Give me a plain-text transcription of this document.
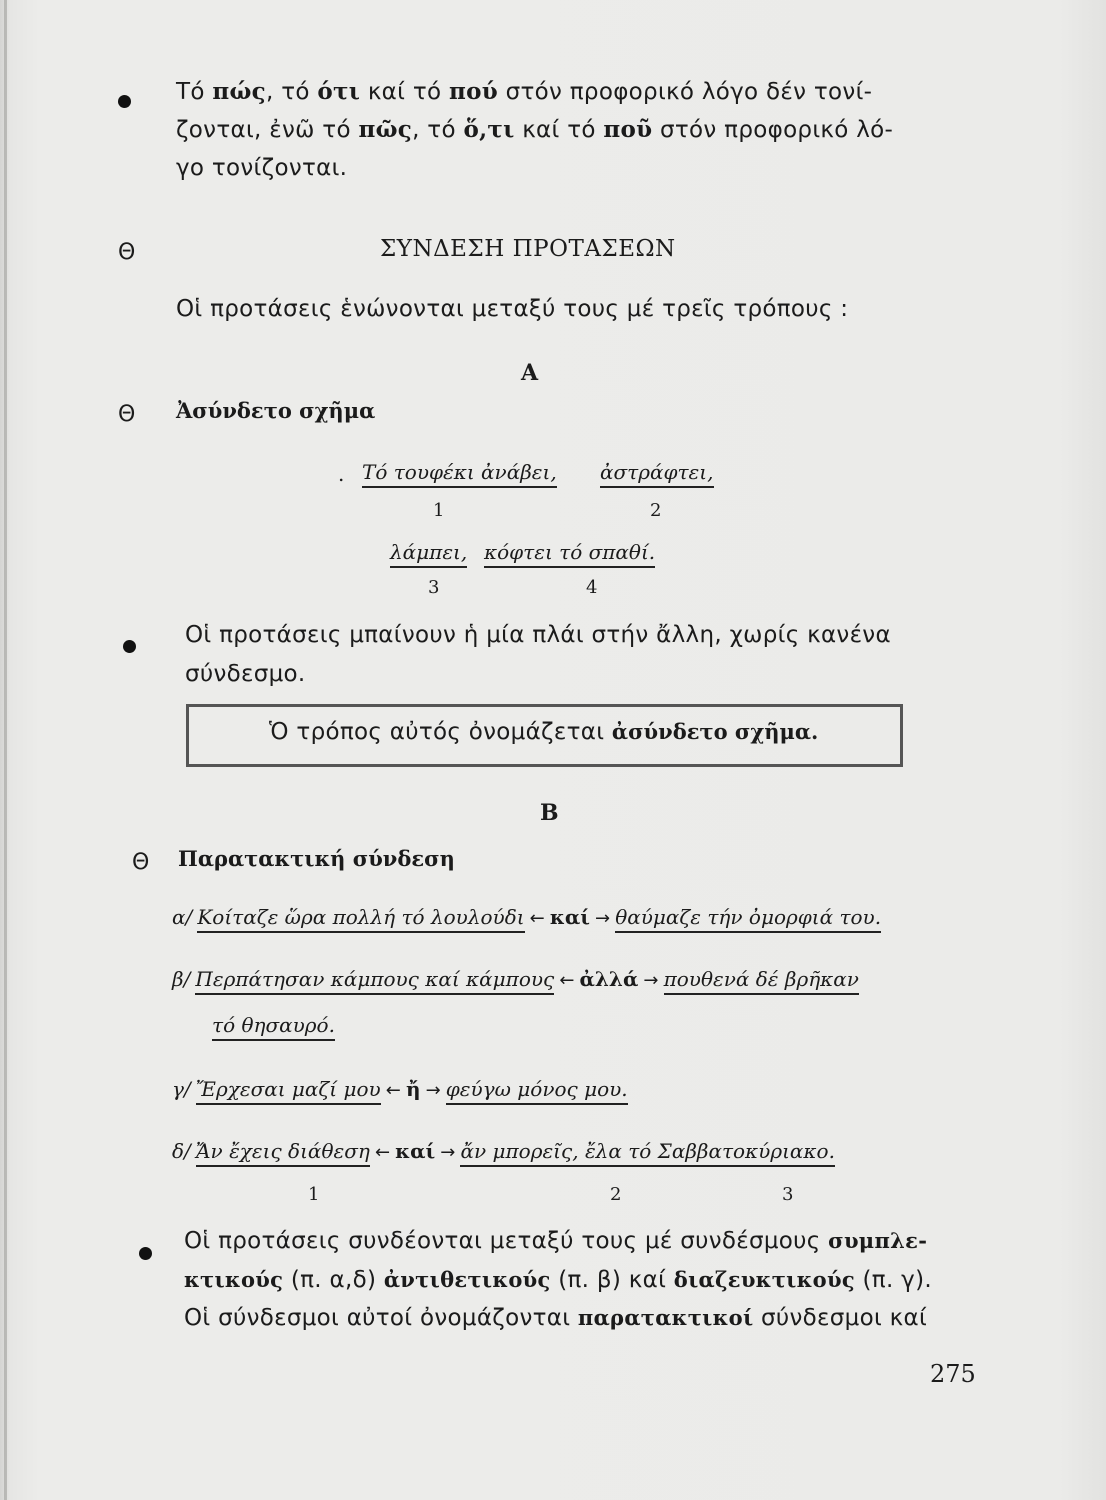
Τό πώς, τό ότι καί τό πού στόν προφορικό λόγο δέν τονί-
ζονται, ἐνῶ τό πῶς, τό ὅ,τι καί τό ποῦ στόν προφορικό λό-
γο τονίζονται.
Θ	ΣΥΝΔΕΣΗ ΠΡΟΤΑΣΕΩΝ
Οἱ προτάσεις ἑνώνονται μεταξύ τους μέ τρεῖς τρόπους :
Α
Θ Ἀσύνδετο σχῆμα
. Τό τουφέκι ἀνάβει, ἀστράφτει,
1	2
λάμπει, κόφτει τό σπαθί.
3	4
Οἱ προτάσεις μπαίνουν ἡ μία πλάι στήν ἄλλη, χωρίς κανένα
σύνδεσμο.
Ὁ τρόπος αὐτός ὀνομάζεται ἀσύνδετο σχῆμα.
Β
Θ Παρατακτική σύνδεση
α/ Κοίταζε ὥρα πολλή τό λουλούδι ← καί → θαύμαζε τήν ὀμορφιά του.
β/ Περπάτησαν κάμπους καί κάμπους ← ἀλλά → πουθενά δέ βρῆκαν
τό θησαυρό.
γ/ Ἔρχεσαι μαζί μου ← ἤ → φεύγω μόνος μου.
δ/ Ἄν ἔχεις διάθεση ← καί → ἄν μπορεῖς, ἔλα τό Σαββατοκύριακο.
1	2	3
Οἱ προτάσεις συνδέονται μεταξύ τους μέ συνδέσμους συμπλε-
κτικούς (π. α,δ) ἀντιθετικούς (π. β) καί διαζευκτικούς (π. γ).
Οἱ σύνδεσμοι αὐτοί ὀνομάζονται παρατακτικοί σύνδεσμοι καί
275
